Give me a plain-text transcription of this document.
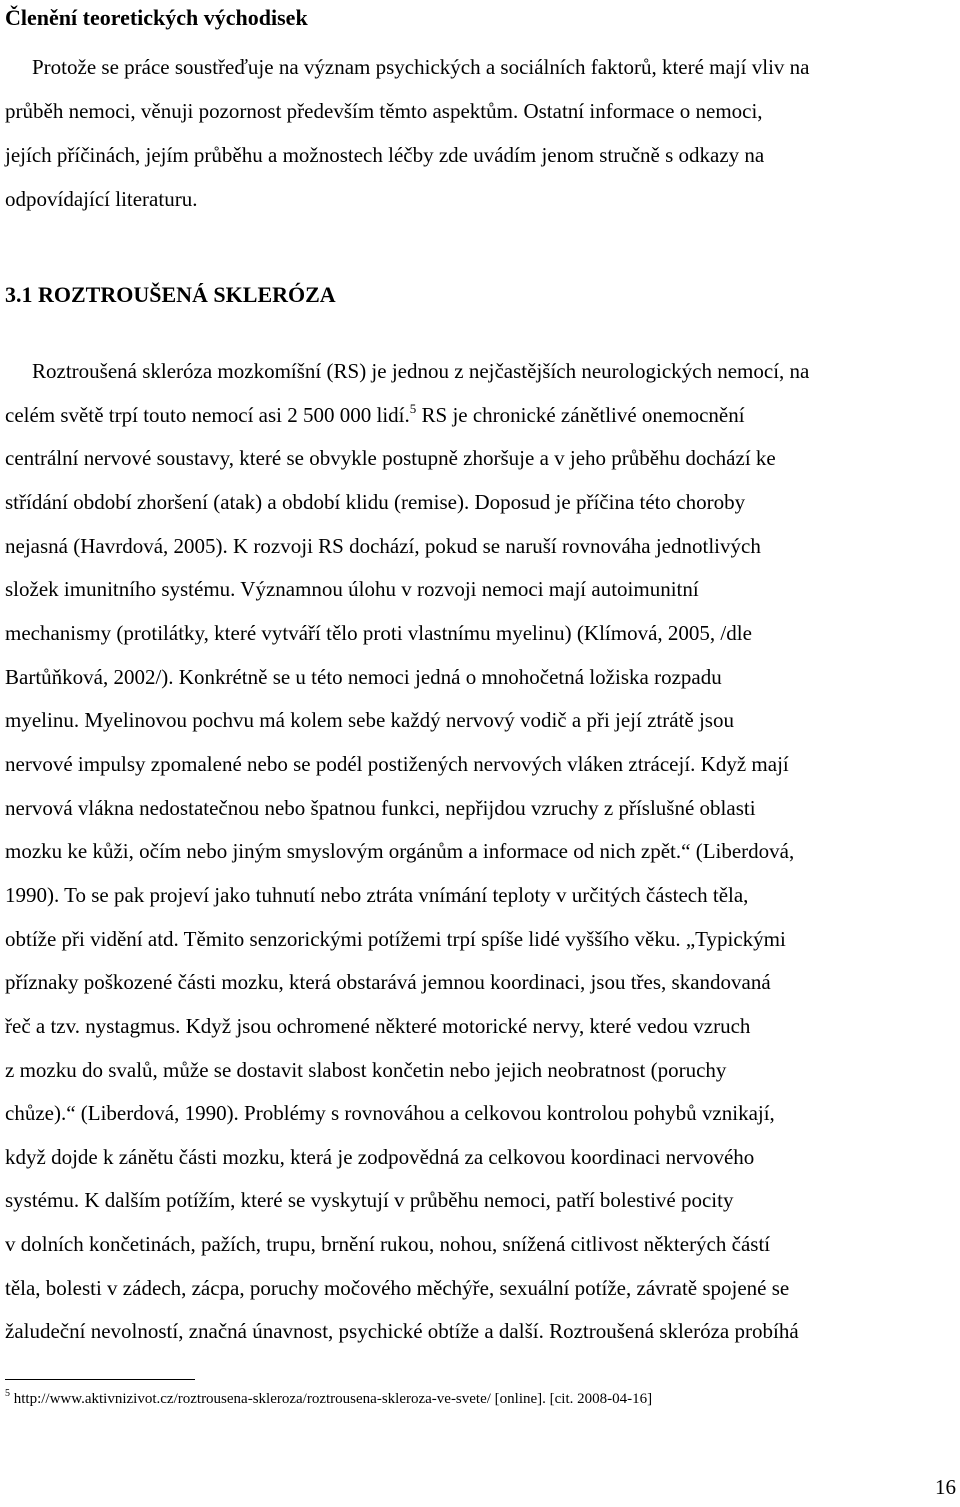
Členění teoretických východisek

Protože se práce soustřeďuje na význam psychických a sociálních faktorů, které mají vliv na
průběh nemoci, věnuji pozornost především těmto aspektům. Ostatní informace o nemoci,
jejích příčinách, jejím průběhu a možnostech léčby zde uvádím jenom stručně s odkazy na
odpovídající literaturu.

3.1 ROZTROUŠENÁ SKLERÓZA

Roztroušená skleróza mozkomíšní (RS) je jednou z nejčastějších neurologických nemocí, na
celém světě trpí touto nemocí asi 2 500 000 lidí.$^5$ RS je chronické zánětlivé onemocnění
centrální nervové soustavy, které se obvykle postupně zhoršuje a v jeho průběhu dochází ke
střídání období zhoršení (atak) a období klidu (remise). Doposud je příčina této choroby
nejasná (Havrdová, 2005). K rozvoji RS dochází, pokud se naruší rovnováha jednotlivých
složek imunitního systému. Významnou úlohu v rozvoji nemoci mají autoimunitní
mechanismy (protilátky, které vytváří tělo proti vlastnímu myelinu) (Klímová, 2005, /dle
Bartůňková, 2002/). Konkrétně se u této nemoci jedná o mnohočetná ložiska rozpadu
myelinu. Myelinovou pochvu má kolem sebe každý nervový vodič a při její ztrátě jsou
nervové impulsy zpomalené nebo se podél postižených nervových vláken ztrácejí. Když mají
nervová vlákna nedostatečnou nebo špatnou funkci, nepřijdou vzruchy z příslušné oblasti
mozku ke kůži, očím nebo jiným smyslovým orgánům a informace od nich zpět.“ (Liberdová,
1990). To se pak projeví jako tuhnutí nebo ztráta vnímání teploty v určitých částech těla,
obtíže při vidění atd. Těmito senzorickými potížemi trpí spíše lidé vyššího věku. „Typickými
příznaky poškozené části mozku, která obstarává jemnou koordinaci, jsou třes, skandovaná
řeč a tzv. nystagmus. Když jsou ochromené některé motorické nervy, které vedou vzruch
z mozku do svalů, může se dostavit slabost končetin nebo jejich neobratnost (poruchy
chůze).“ (Liberdová, 1990). Problémy s rovnováhou a celkovou kontrolou pohybů vznikají,
když dojde k zánětu části mozku, která je zodpovědná za celkovou koordinaci nervového
systému. K dalším potížím, které se vyskytují v průběhu nemoci, patří bolestivé pocity
v dolních končetinách, pažích, trupu, brnění rukou, nohou, snížená citlivost některých částí
těla, bolesti v zádech, zácpa, poruchy močového měchýře, sexuální potíže, závratě spojené se
žaludeční nevolností, značná únavnost, psychické obtíže a další. Roztroušená skleróza probíhá

$^5$ http://www.aktivnizivot.cz/roztrousena-skleroza/roztrousena-skleroza-ve-svete/ [online]. [cit. 2008-04-16]
16
